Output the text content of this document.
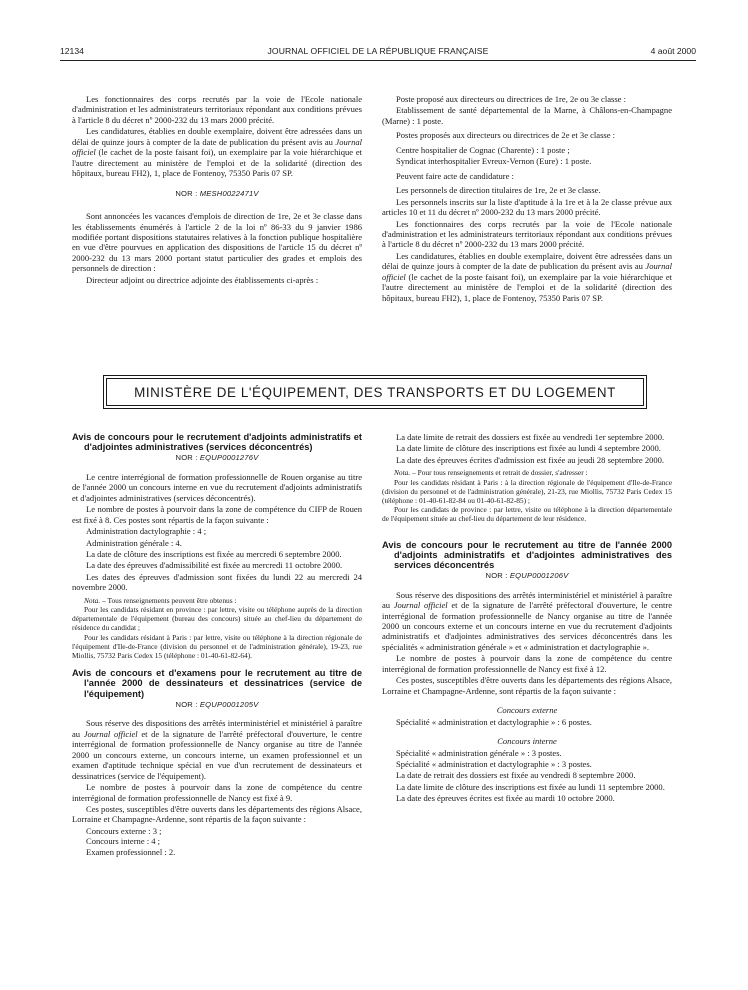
12134	JOURNAL OFFICIEL DE LA RÉPUBLIQUE FRANÇAISE	4 août 2000

Les fonctionnaires des corps recrutés par la voie de l'Ecole nationale d'administration et les administrateurs territoriaux répondant aux conditions prévues à l'article 8 du décret nº 2000-232 du 13 mars 2000 précité.

Les candidatures, établies en double exemplaire, doivent être adressées dans un délai de quinze jours à compter de la date de publication du présent avis au Journal officiel (le cachet de la poste faisant foi), un exemplaire par la voie hiérarchique et l'autre directement au ministère de l'emploi et de la solidarité (direction des hôpitaux, bureau FH2), 1, place de Fontenoy, 75350 Paris 07 SP.

NOR : MESH0022471V

Sont annoncées les vacances d'emplois de direction de 1re, 2e et 3e classe dans les établissements énumérés à l'article 2 de la loi nº 86-33 du 9 janvier 1986 modifiée portant dispositions statutaires relatives à la fonction publique hospitalière en vue d'être pourvues en application des dispositions de l'article 15 du décret nº 2000-232 du 13 mars 2000 portant statut particulier des grades et emplois des personnels de direction :

Directeur adjoint ou directrice adjointe des établissements ci-après :

Poste proposé aux directeurs ou directrices de 1re, 2e ou 3e classe :

Etablissement de santé départemental de la Marne, à Châlons-en-Champagne (Marne) : 1 poste.

Postes proposés aux directeurs ou directrices de 2e et 3e classe :

Centre hospitalier de Cognac (Charente) : 1 poste ;

Syndicat interhospitalier Evreux-Vernon (Eure) : 1 poste.

Peuvent faire acte de candidature :

Les personnels de direction titulaires de 1re, 2e et 3e classe.

Les personnels inscrits sur la liste d'aptitude à la 1re et à la 2e classe prévue aux articles 10 et 11 du décret nº 2000-232 du 13 mars 2000 précité.

Les fonctionnaires des corps recrutés par la voie de l'Ecole nationale d'administration et les administrateurs territoriaux répondant aux conditions prévues à l'article 8 du décret nº 2000-232 du 13 mars 2000 précité.

Les candidatures, établies en double exemplaire, doivent être adressées dans un délai de quinze jours à compter de la date de publication du présent avis au Journal officiel (le cachet de la poste faisant foi), un exemplaire par la voie hiérarchique et l'autre directement au ministère de l'emploi et de la solidarité (direction des hôpitaux, bureau FH2), 1, place de Fontenoy, 75350 Paris 07 SP.

MINISTÈRE DE L'ÉQUIPEMENT, DES TRANSPORTS ET DU LOGEMENT
Avis de concours pour le recrutement d'adjoints administratifs et d'adjointes administratives (services déconcentrés)
NOR : EQUP0001276V

Le centre interrégional de formation professionnelle de Rouen organise au titre de l'année 2000 un concours interne en vue du recrutement d'adjoints administratifs et d'adjointes administratives (services déconcentrés).

Le nombre de postes à pourvoir dans la zone de compétence du CIFP de Rouen est fixé à 8. Ces postes sont répartis de la façon suivante :

Administration dactylographie : 4 ;

Administration générale : 4.

La date de clôture des inscriptions est fixée au mercredi 6 septembre 2000.

La date des épreuves d'admissibilité est fixée au mercredi 11 octobre 2000.

Les dates des épreuves d'admission sont fixées du lundi 22 au mercredi 24 novembre 2000.

Nota. – Tous renseignements peuvent être obtenus :

Pour les candidats résidant en province : par lettre, visite ou téléphone auprès de la direction départementale de l'équipement (bureau des concours) située au chef-lieu du département de résidence du candidat ;

Pour les candidats résidant à Paris : par lettre, visite ou téléphone à la direction régionale de l'équipement d'Ile-de-France (division du personnel et de l'administration générale), 19-23, rue Miollis, 75732 Paris Cedex 15 (téléphone : 01-40-61-82-64).

Avis de concours et d'examens pour le recrutement au titre de l'année 2000 de dessinateurs et dessinatrices (service de l'équipement)
NOR : EQUP0001205V

Sous réserve des dispositions des arrêtés interministériel et ministériel à paraître au Journal officiel et de la signature de l'arrêté préfectoral d'ouverture, le centre interrégional de formation professionnelle de Nancy organise au titre de l'année 2000 un concours externe, un concours interne, un examen professionnel et un examen d'aptitude technique spécial en vue d'un recrutement de dessinateurs et dessinatrices (service de l'équipement).

Le nombre de postes à pourvoir dans la zone de compétence du centre interrégional de formation professionnelle de Nancy est fixé à 9.

Ces postes, susceptibles d'être ouverts dans les départements des régions Alsace, Lorraine et Champagne-Ardenne, sont répartis de la façon suivante :

Concours externe : 3 ;

Concours interne : 4 ;

Examen professionnel : 2.

La date limite de retrait des dossiers est fixée au vendredi 1er septembre 2000.

La date limite de clôture des inscriptions est fixée au lundi 4 septembre 2000.

La date des épreuves écrites d'admission est fixée au jeudi 28 septembre 2000.

Nota. – Pour tous renseignements et retrait de dossier, s'adresser :

Pour les candidats résidant à Paris : à la direction régionale de l'équipement d'Ile-de-France (division du personnel et de l'administration générale), 21-23, rue Miollis, 75732 Paris Cedex 15 (téléphone : 01-40-61-82-84 ou 01-40-61-82-85) ;

Pour les candidats de province : par lettre, visite ou téléphone à la direction départementale de l'équipement située au chef-lieu du département de leur résidence.

Avis de concours pour le recrutement au titre de l'année 2000 d'adjoints administratifs et d'adjointes administratives des services déconcentrés
NOR : EQUP0001206V

Sous réserve des dispositions des arrêtés interministériel et ministériel à paraître au Journal officiel et de la signature de l'arrêté préfectoral d'ouverture, le centre interrégional de formation professionnelle de Nancy organise au titre de l'année 2000 un concours externe et un concours interne en vue du recrutement d'adjoints administratifs et d'adjointes administratives des services déconcentrés dans les spécialités « administration générale » et « administration et dactylographie ».

Le nombre de postes à pourvoir dans la zone de compétence du centre interrégional de formation professionnelle de Nancy est fixé à 12.

Ces postes, susceptibles d'être ouverts dans les départements des régions Alsace, Lorraine et Champagne-Ardenne, sont répartis de la façon suivante :

Concours externe

Spécialité « administration et dactylographie » : 6 postes.

Concours interne

Spécialité « administration générale » : 3 postes.

Spécialité « administration et dactylographie » : 3 postes.

La date de retrait des dossiers est fixée au vendredi 8 septembre 2000.

La date limite de clôture des inscriptions est fixée au lundi 11 septembre 2000.

La date des épreuves écrites est fixée au mardi 10 octobre 2000.
